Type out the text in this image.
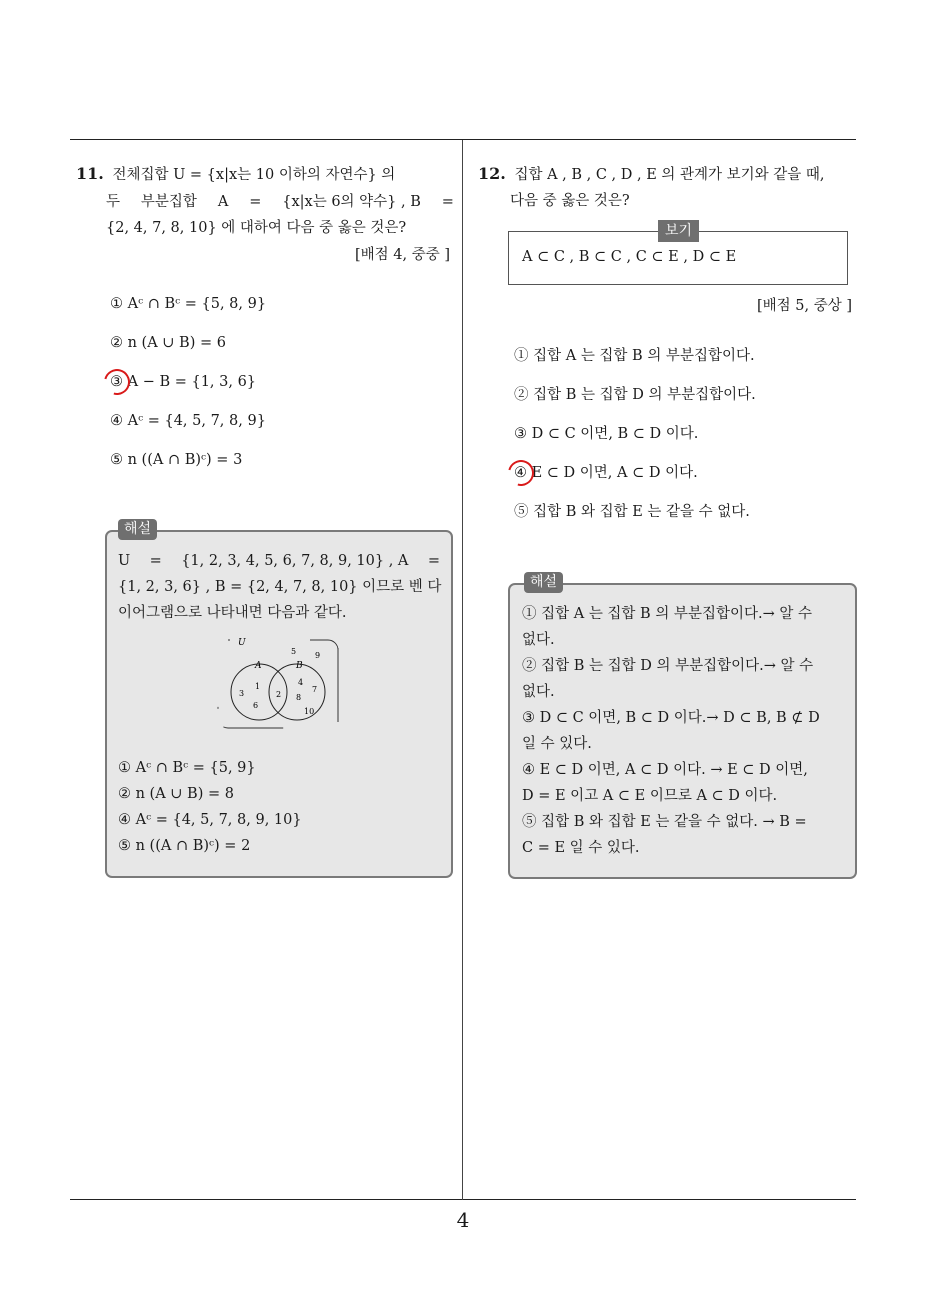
4
11. 전체집합 U = {x|x는 10 이하의 자연수} 의
두 부분집합 A = {x|x는 6의 약수} , B =
{2, 4, 7, 8, 10} 에 대하여 다음 중 옳은 것은?
[배점 4, 중중 ]
① Aᶜ ∩ Bᶜ = {5, 8, 9}
② n (A ∪ B) = 6
③ A − B = {1, 3, 6}
④ Aᶜ = {4, 5, 7, 8, 9}
⑤ n ((A ∩ B)ᶜ) = 3
해설
U = {1, 2, 3, 4, 5, 6, 7, 8, 9, 10} , A =
{1, 2, 3, 6} , B = {2, 4, 7, 8, 10} 이므로 벤 다
이어그램으로 나타내면 다음과 같다.
U
A	B
1
3
6
2
4
7
8
10
5 9
① Aᶜ ∩ Bᶜ = {5, 9}
② n (A ∪ B) = 8
④ Aᶜ = {4, 5, 7, 8, 9, 10}
⑤ n ((A ∩ B)ᶜ) = 2
12. 집합 A , B , C , D , E 의 관계가 보기와 같을 때,
다음 중 옳은 것은?
보기
A ⊂ C , B ⊂ C , C ⊂ E , D ⊂ E
[배점 5, 중상 ]
① 집합 A 는 집합 B 의 부분집합이다.
② 집합 B 는 집합 D 의 부분집합이다.
③ D ⊂ C 이면, B ⊂ D 이다.
④ E ⊂ D 이면, A ⊂ D 이다.
⑤ 집합 B 와 집합 E 는 같을 수 없다.
해설
① 집합 A 는 집합 B 의 부분집합이다.→ 알 수
없다.
② 집합 B 는 집합 D 의 부분집합이다.→ 알 수
없다.
③ D ⊂ C 이면, B ⊂ D 이다.→ D ⊂ B, B ⊄ D
일 수 있다.
④ E ⊂ D 이면, A ⊂ D 이다. → E ⊂ D 이면,
D = E 이고 A ⊂ E 이므로 A ⊂ D 이다.
⑤ 집합 B 와 집합 E 는 같을 수 없다. → B =
C = E 일 수 있다.
